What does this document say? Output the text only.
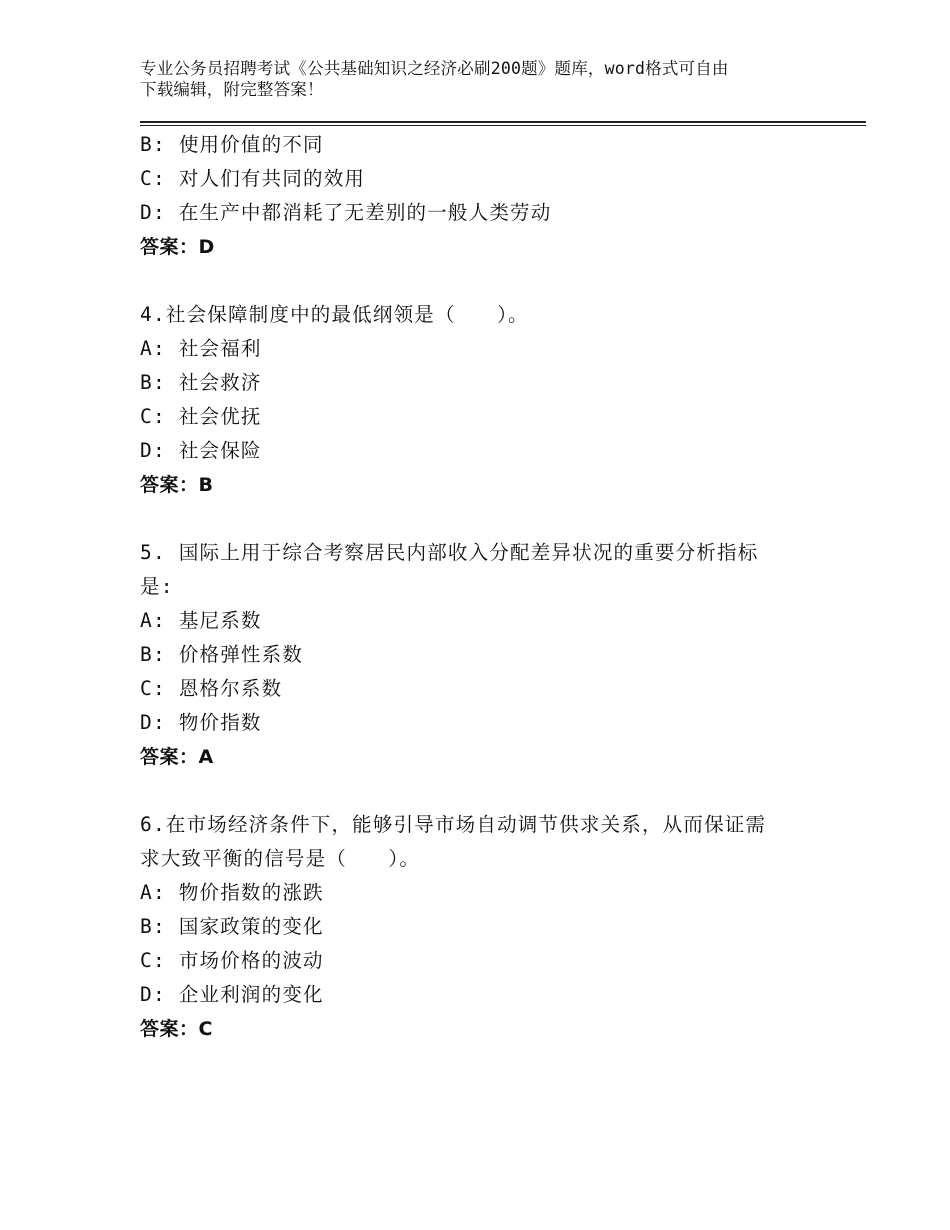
专业公务员招聘考试《公共基础知识之经济必刷200题》题库，word格式可自由
下载编辑，附完整答案！
B: 使用价值的不同
C: 对人们有共同的效用
D: 在生产中都消耗了无差别的一般人类劳动
答案：D
4.社会保障制度中的最低纲领是（　　）。
A: 社会福利
B: 社会救济
C: 社会优抚
D: 社会保险
答案：B
5. 国际上用于综合考察居民内部收入分配差异状况的重要分析指标
是:
A: 基尼系数
B: 价格弹性系数
C: 恩格尔系数
D: 物价指数
答案：A
6.在市场经济条件下，能够引导市场自动调节供求关系，从而保证需
求大致平衡的信号是（　　）。
A: 物价指数的涨跌
B: 国家政策的变化
C: 市场价格的波动
D: 企业利润的变化
答案：C
